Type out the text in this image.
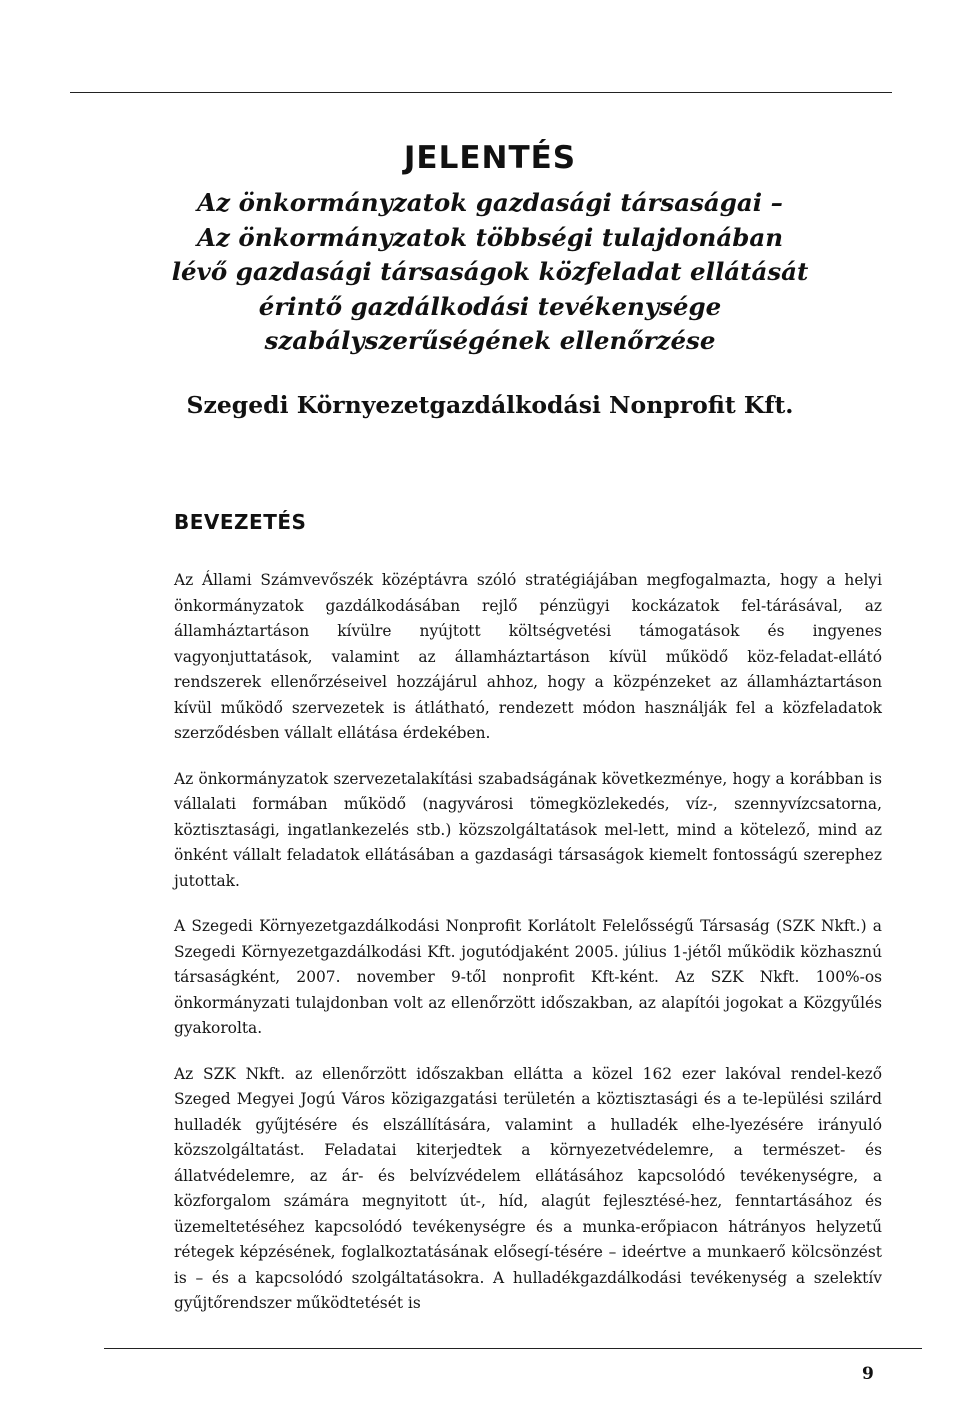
JELENTÉS
Az önkormányzatok gazdasági társaságai –
Az önkormányzatok többségi tulajdonában
lévő gazdasági társaságok közfeladat ellátását
érintő gazdálkodási tevékenysége
szabályszerűségének ellenőrzése
Szegedi Környezetgazdálkodási Nonprofit Kft.
BEVEZETÉS

Az Állami Számvevőszék középtávra szóló stratégiájában megfogalmazta, hogy a helyi önkormányzatok gazdálkodásában rejlő pénzügyi kockázatok fel-tárásával, az államháztartáson kívülre nyújtott költségvetési támogatások és ingyenes vagyonjuttatások, valamint az államháztartáson kívül működő köz-feladat-ellátó rendszerek ellenőrzéseivel hozzájárul ahhoz, hogy a közpénzeket az államháztartáson kívül működő szervezetek is átlátható, rendezett módon használják fel a közfeladatok szerződésben vállalt ellátása érdekében.

Az önkormányzatok szervezetalakítási szabadságának következménye, hogy a korábban is vállalati formában működő (nagyvárosi tömegközlekedés, víz-, szennyvízcsatorna, köztisztasági, ingatlankezelés stb.) közszolgáltatások mel-lett, mind a kötelező, mind az önként vállalt feladatok ellátásában a gazdasági társaságok kiemelt fontosságú szerephez jutottak.

A Szegedi Környezetgazdálkodási Nonprofit Korlátolt Felelősségű Társaság (SZK Nkft.) a Szegedi Környezetgazdálkodási Kft. jogutódjaként 2005. július 1-jétől működik közhasznú társaságként, 2007. november 9-től nonprofit Kft-ként. Az SZK Nkft. 100%-os önkormányzati tulajdonban volt az ellenőrzött időszakban, az alapítói jogokat a Közgyűlés gyakorolta.

Az SZK Nkft. az ellenőrzött időszakban ellátta a közel 162 ezer lakóval rendel-kező Szeged Megyei Jogú Város közigazgatási területén a köztisztasági és a te-lepülési szilárd hulladék gyűjtésére és elszállítására, valamint a hulladék elhe-lyezésére irányuló közszolgáltatást. Feladatai kiterjedtek a környezetvédelemre, a természet- és állatvédelemre, az ár- és belvízvédelem ellátásához kapcsolódó tevékenységre, a közforgalom számára megnyitott út-, híd, alagút fejlesztésé-hez, fenntartásához és üzemeltetéséhez kapcsolódó tevékenységre és a munka-erőpiacon hátrányos helyzetű rétegek képzésének, foglalkoztatásának elősegí-tésére – ideértve a munkaerő kölcsönzést is – és a kapcsolódó szolgáltatásokra. A hulladékgazdálkodási tevékenység a szelektív gyűjtőrendszer működtetését is

9
